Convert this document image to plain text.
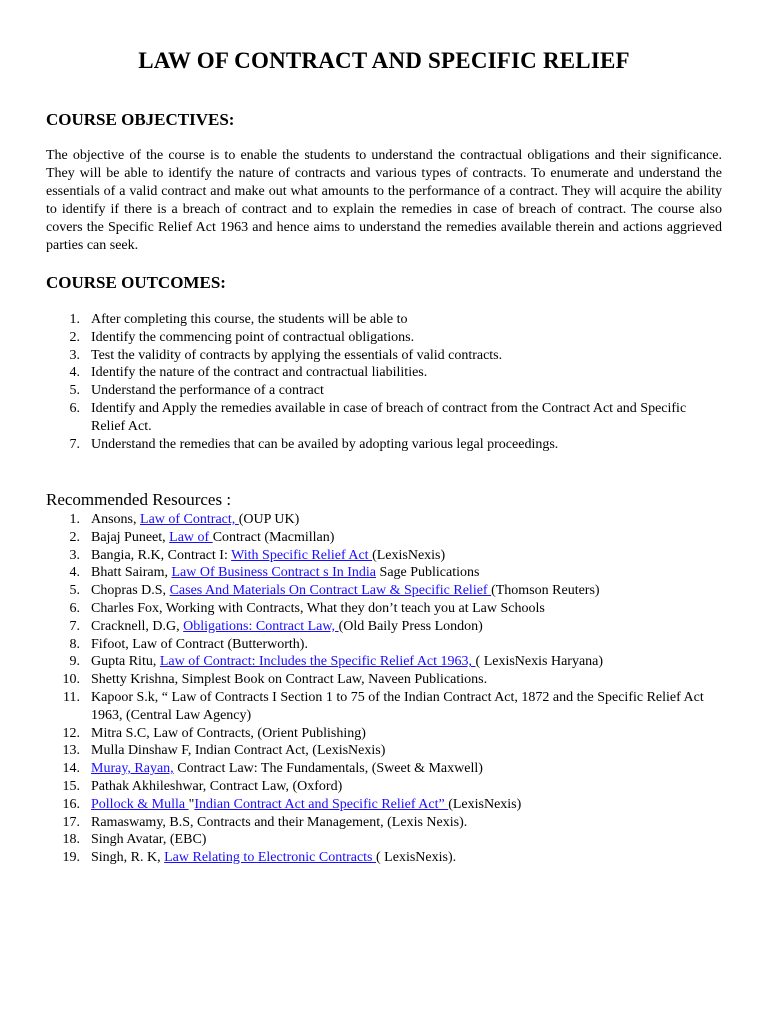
LAW OF CONTRACT AND SPECIFIC RELIEF
COURSE OBJECTIVES:

The objective of the course is to enable the students to understand the contractual obligations and their significance. They will be able to identify the nature of contracts and various types of contracts. To enumerate and understand the essentials of a valid contract and make out what amounts to the performance of a contract. They will acquire the ability to identify if there is a breach of contract and to explain the remedies in case of breach of contract. The course also covers the Specific Relief Act 1963 and hence aims to understand the remedies available therein and actions aggrieved parties can seek.

COURSE OUTCOMES:
1. After completing this course, the students will be able to
2. Identify the commencing point of contractual obligations.
3. Test the validity of contracts by applying the essentials of valid contracts.
4. Identify the nature of the contract and contractual liabilities.
5. Understand the performance of a contract
6. Identify and Apply the remedies available in case of breach of contract from the Contract Act and Specific Relief Act.
7. Understand the remedies that can be availed by adopting various legal proceedings.

Recommended Resources :

1. Ansons, Law of Contract, (OUP UK)
2. Bajaj Puneet, Law of Contract (Macmillan)
3. Bangia, R.K, Contract I: With Specific Relief Act (LexisNexis)
4. Bhatt Sairam, Law Of Business Contract s In India Sage Publications
5. Chopras D.S, Cases And Materials On Contract Law & Specific Relief (Thomson Reuters)
6. Charles Fox, Working with Contracts, What they don’t teach you at Law Schools
7. Cracknell, D.G, Obligations: Contract Law, (Old Baily Press London)
8. Fifoot, Law of Contract (Butterworth).
9. Gupta Ritu, Law of Contract: Includes the Specific Relief Act 1963, ( LexisNexis Haryana)
10. Shetty Krishna, Simplest Book on Contract Law, Naveen Publications.
11. Kapoor S.k, “ Law of Contracts I Section 1 to 75 of the Indian Contract Act, 1872 and the Specific Relief Act 1963, (Central Law Agency)
12. Mitra S.C, Law of Contracts, (Orient Publishing)
13. Mulla Dinshaw F, Indian Contract Act, (LexisNexis)
14. Muray, Rayan, Contract Law: The Fundamentals, (Sweet & Maxwell)
15. Pathak Akhileshwar, Contract Law, (Oxford)
16. Pollock & Mulla "Indian Contract Act and Specific Relief Act” (LexisNexis)
17. Ramaswamy, B.S, Contracts and their Management, (Lexis Nexis).
18. Singh Avatar, (EBC)
19. Singh, R. K, Law Relating to Electronic Contracts ( LexisNexis).
